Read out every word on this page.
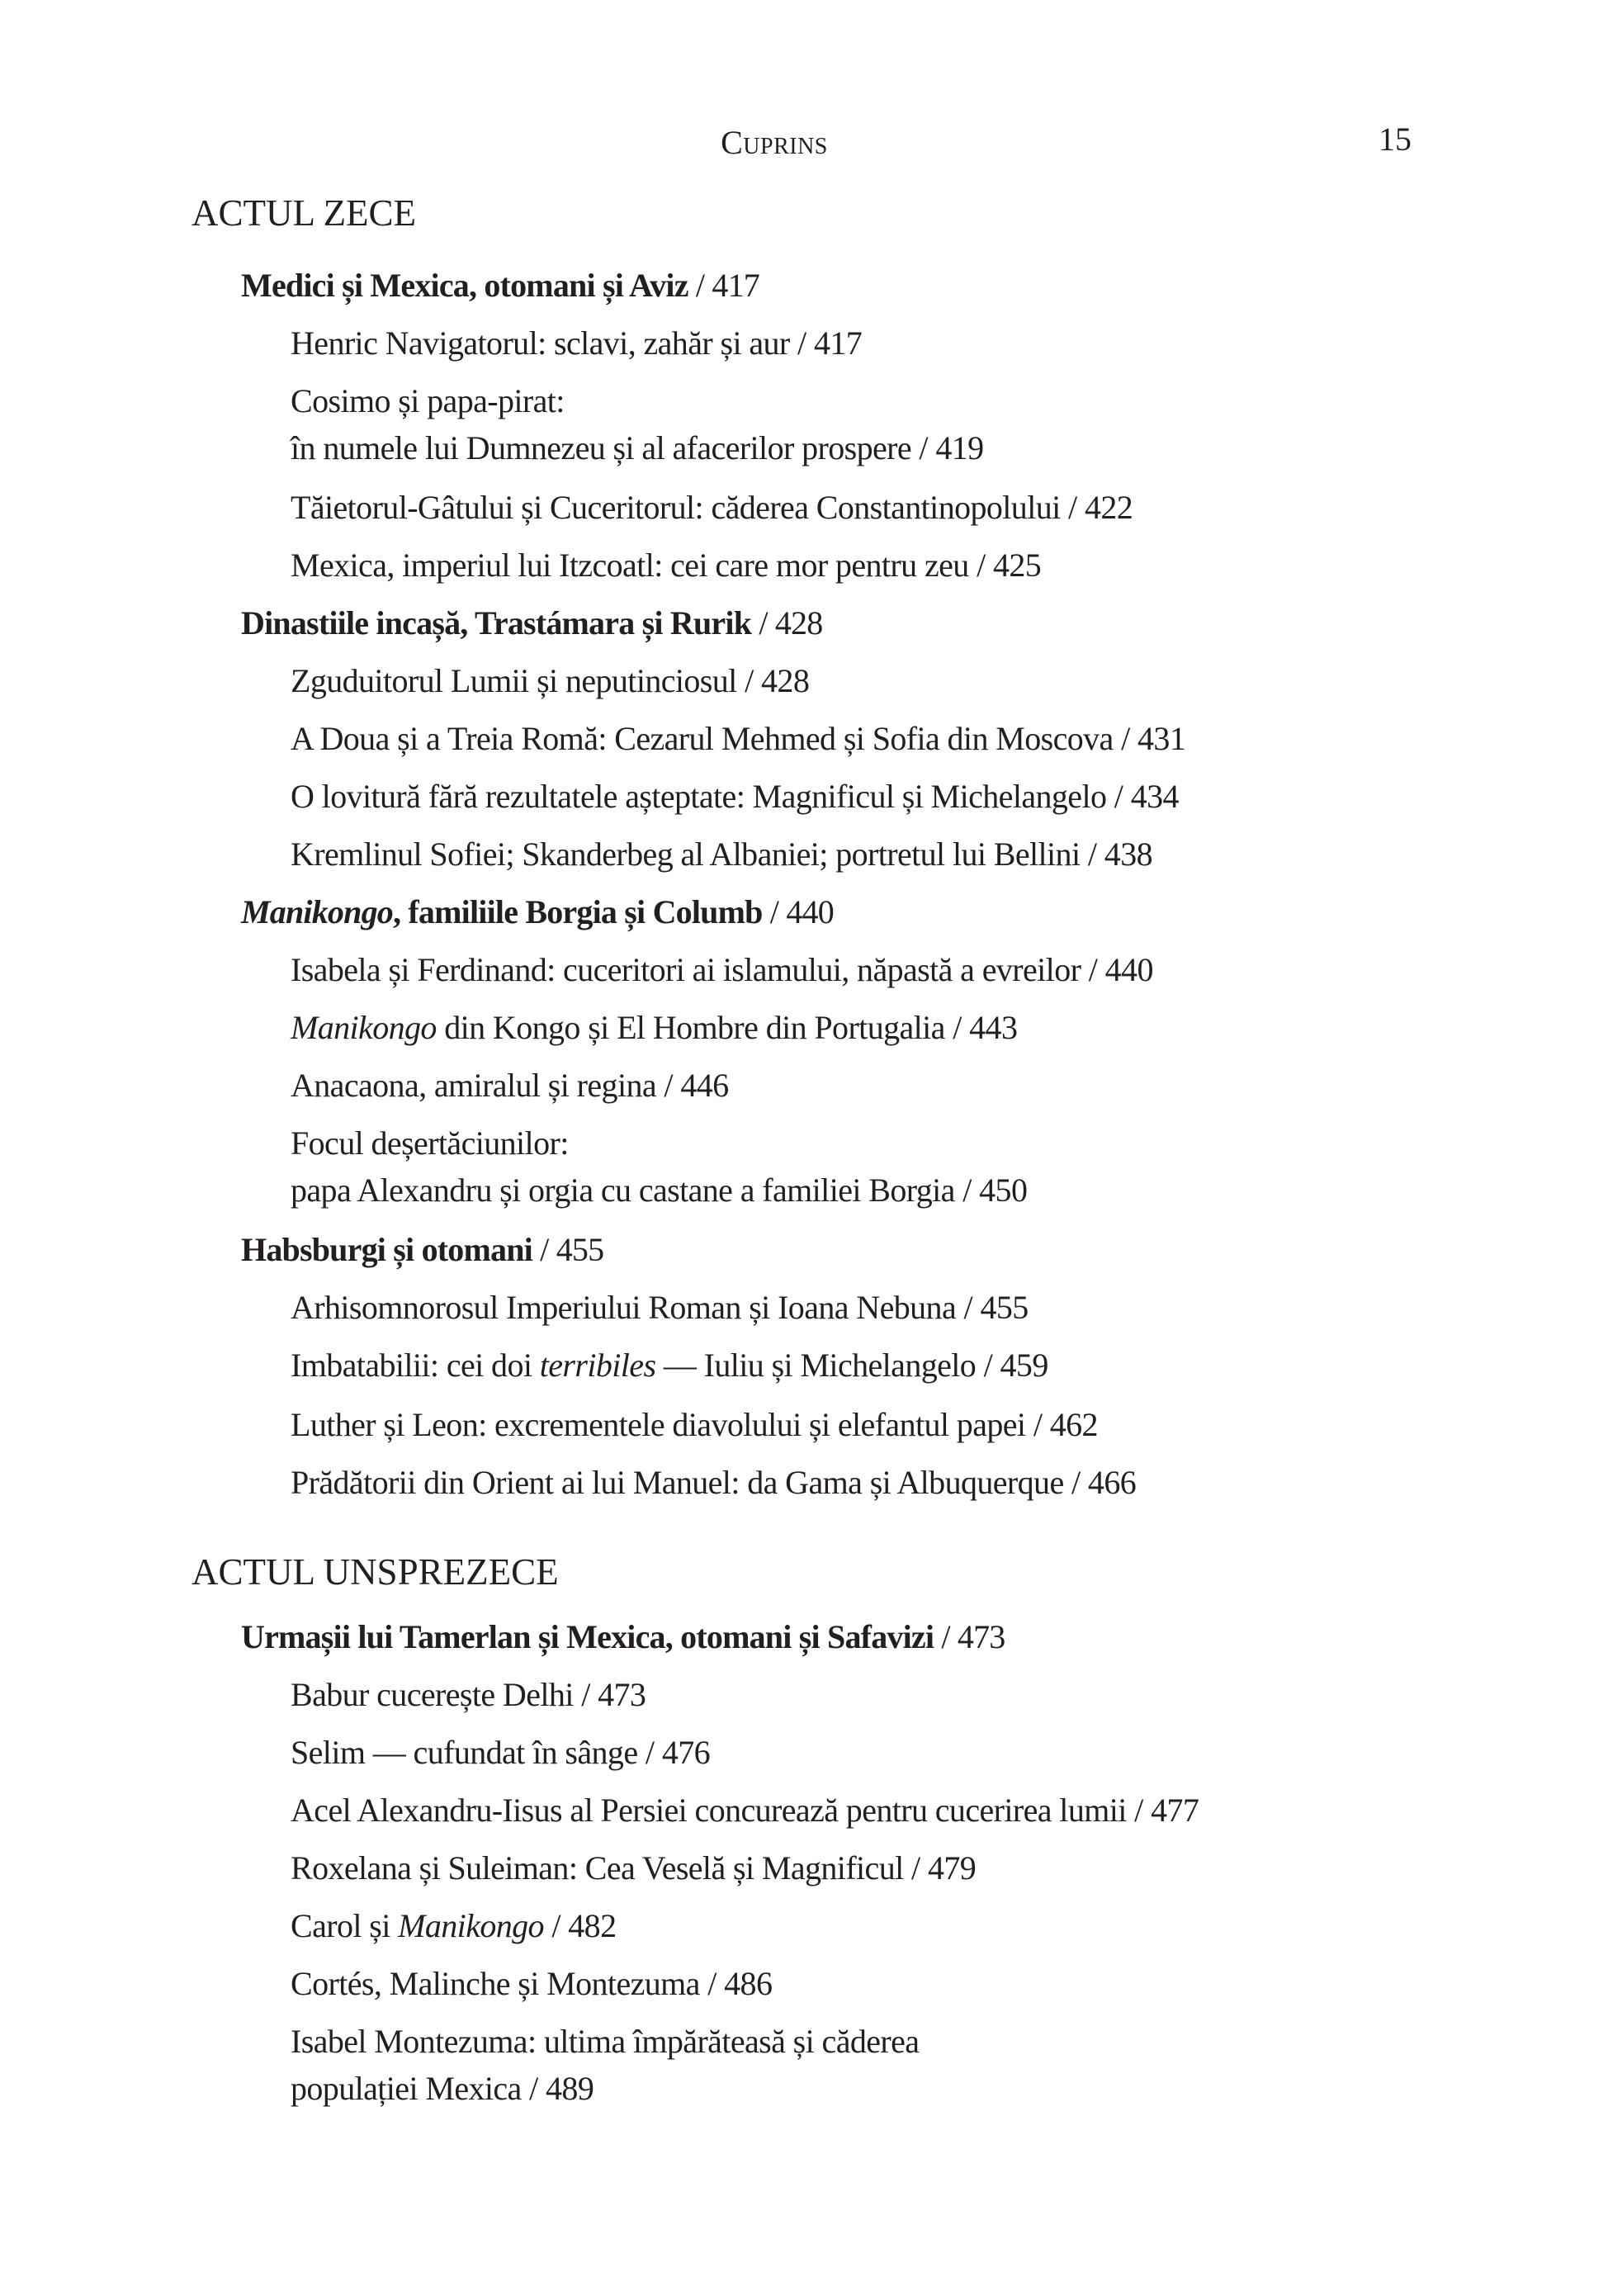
Cuprins	15
ACTUL ZECE
Medici și Mexica, otomani și Aviz / 417
Henric Navigatorul: sclavi, zahăr și aur / 417
Cosimo și papa-pirat:
în numele lui Dumnezeu și al afacerilor prospere / 419
Tăietorul-Gâtului și Cuceritorul: căderea Constantinopolului / 422
Mexica, imperiul lui Itzcoatl: cei care mor pentru zeu / 425
Dinastiile incașă, Trastámara și Rurik / 428
Zguduitorul Lumii și neputinciosul / 428
A Doua și a Treia Romă: Cezarul Mehmed și Sofia din Moscova / 431
O lovitură fără rezultatele așteptate: Magnificul și Michelangelo / 434
Kremlinul Sofiei; Skanderbeg al Albaniei; portretul lui Bellini / 438
Manikongo, familiile Borgia și Columb / 440
Isabela și Ferdinand: cuceritori ai islamului, năpastă a evreilor / 440
Manikongo din Kongo și El Hombre din Portugalia / 443
Anacaona, amiralul și regina / 446
Focul deșertăciunilor:
papa Alexandru și orgia cu castane a familiei Borgia / 450
Habsburgi și otomani / 455
Arhisomnorosul Imperiului Roman și Ioana Nebuna / 455
Imbatabilii: cei doi terribiles — Iuliu și Michelangelo / 459
Luther și Leon: excrementele diavolului și elefantul papei / 462
Prădătorii din Orient ai lui Manuel: da Gama și Albuquerque / 466
ACTUL UNSPREZECE
Urmașii lui Tamerlan și Mexica, otomani și Safavizi / 473
Babur cucerește Delhi / 473
Selim — cufundat în sânge / 476
Acel Alexandru-Iisus al Persiei concurează pentru cucerirea lumii / 477
Roxelana și Suleiman: Cea Veselă și Magnificul / 479
Carol și Manikongo / 482
Cortés, Malinche și Montezuma / 486
Isabel Montezuma: ultima împărăteasă și căderea
populației Mexica / 489
